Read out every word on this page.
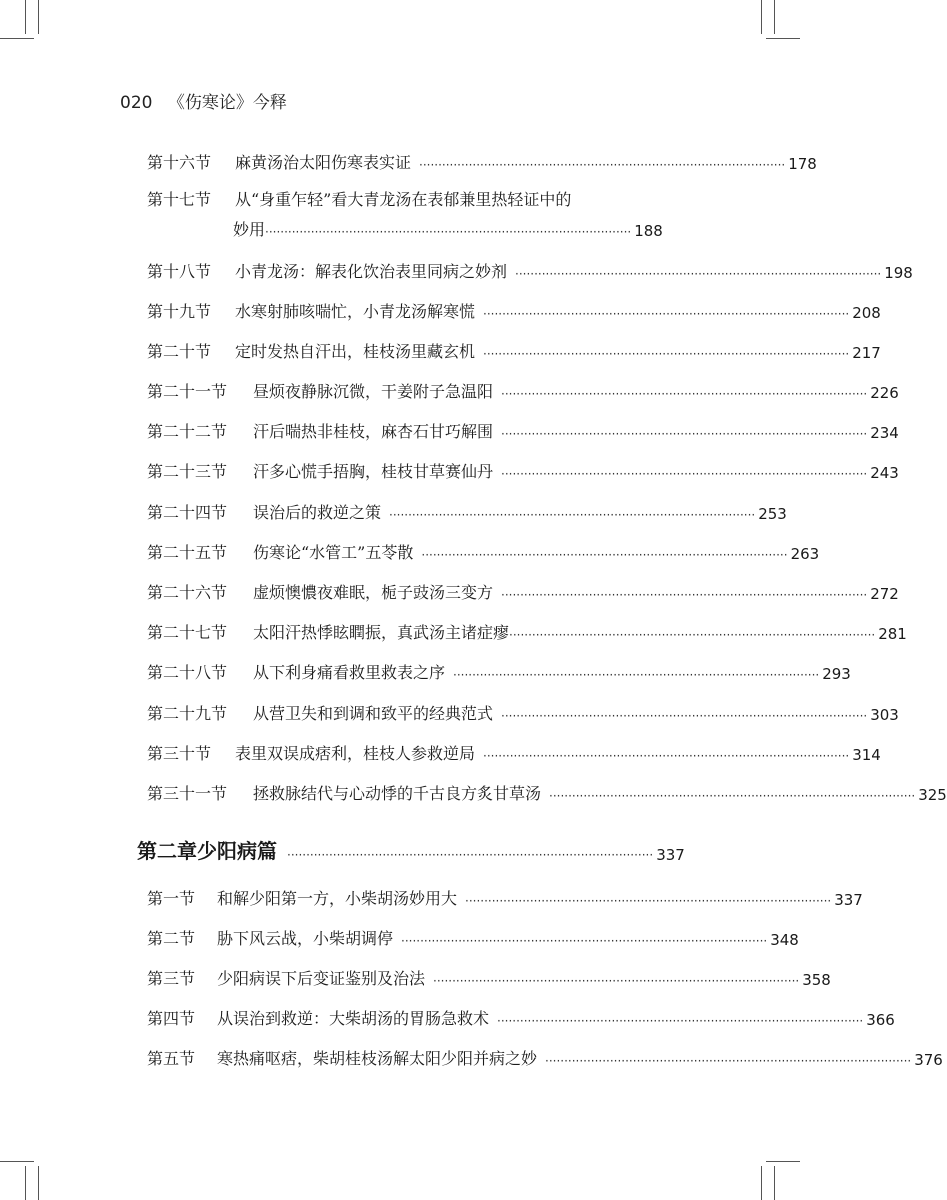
020 《伤寒论》今释
第十六节	麻黄汤治太阳伤寒表实证 ································································································ 178
第十七节	从“身重乍轻”看大青龙汤在表郁兼里热轻证中的
妙用 ································································································ 188
第十八节	小青龙汤：解表化饮治表里同病之妙剂 ································································································ 198
第十九节	水寒射肺咳喘忙，小青龙汤解寒慌 ································································································ 208
第二十节	定时发热自汗出，桂枝汤里藏玄机 ································································································ 217
第二十一节	昼烦夜静脉沉微，干姜附子急温阳 ································································································ 226
第二十二节	汗后喘热非桂枝，麻杏石甘巧解围 ································································································ 234
第二十三节	汗多心慌手捂胸，桂枝甘草赛仙丹 ································································································ 243
第二十四节	误治后的救逆之策 ································································································ 253
第二十五节	伤寒论“水管工”五苓散 ································································································ 263
第二十六节	虚烦懊憹夜难眠，栀子豉汤三变方 ································································································ 272
第二十七节	太阳汗热悸眩瞤振，真武汤主诸症瘳 ································································································ 281
第二十八节	从下利身痛看救里救表之序 ································································································ 293
第二十九节	从营卫失和到调和致平的经典范式 ································································································ 303
第三十节	表里双误成痞利，桂枝人参救逆局 ································································································ 314
第三十一节	拯救脉结代与心动悸的千古良方炙甘草汤 ································································································ 325
第二章 少阳病篇 ································································································ 337
第一节	和解少阳第一方，小柴胡汤妙用大 ································································································ 337
第二节	胁下风云战，小柴胡调停 ································································································ 348
第三节	少阳病误下后变证鉴别及治法 ································································································ 358
第四节	从误治到救逆：大柴胡汤的胃肠急救术 ································································································ 366
第五节	寒热痛呕痞，柴胡桂枝汤解太阳少阳并病之妙 ································································································ 376
